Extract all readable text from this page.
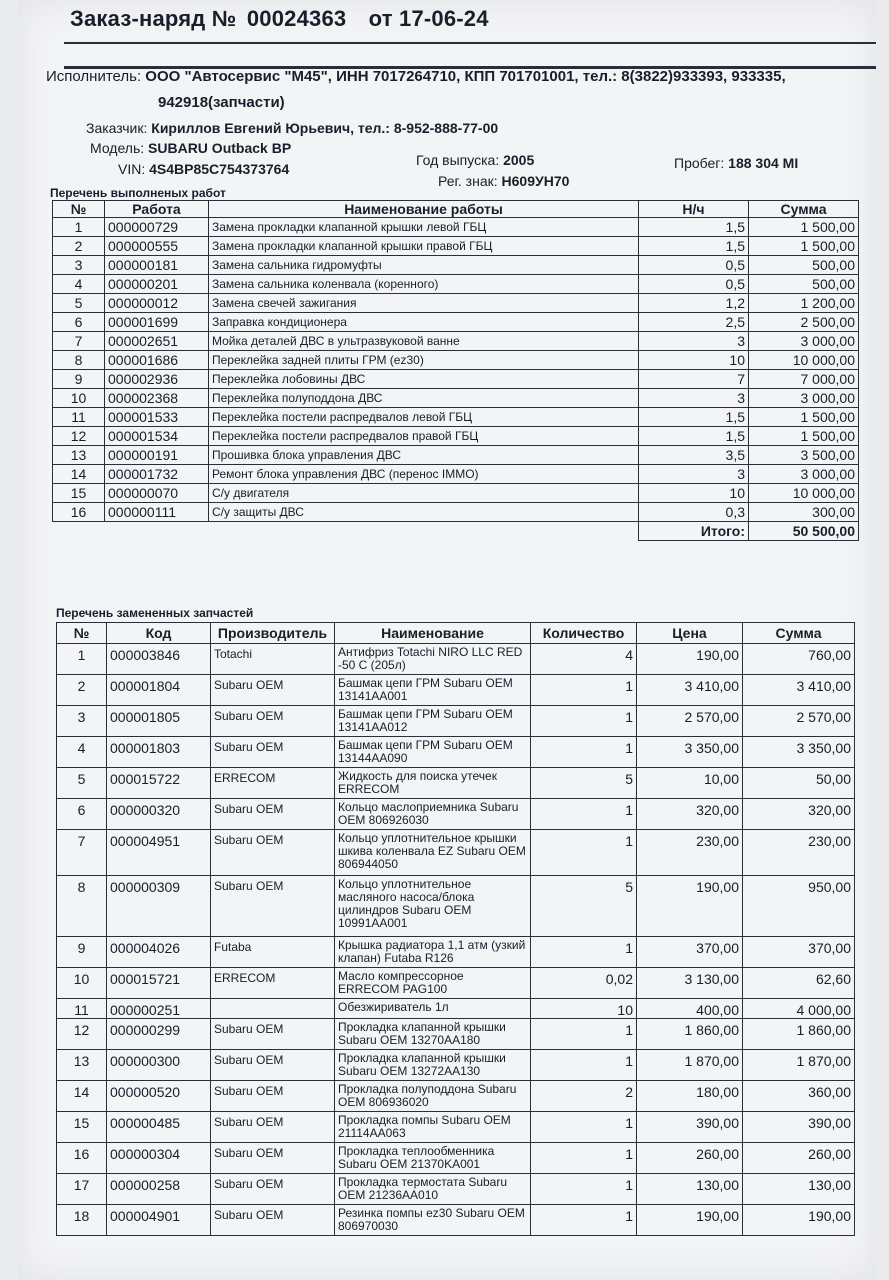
Заказ-наряд № 00024363 от 17-06-24
Исполнитель: ООО "Автосервис "М45", ИНН 7017264710, КПП 701701001, тел.: 8(3822)933393, 933335,
942918(запчасти)
Заказчик: Кириллов Евгений Юрьевич, тел.: 8-952-888-77-00
Модель: SUBARU Outback BP
VIN: 4S4BP85C754373764
Год выпуска: 2005
Рег. знак: Н609УН70
Пробег: 188 304 MI
Перечень выполненых работ
№	Работа	Наименование работы	Н/ч	Сумма
1	000000729	Замена прокладки клапанной крышки левой ГБЦ	1,5	1 500,00
2	000000555	Замена прокладки клапанной крышки правой ГБЦ	1,5	1 500,00
3	000000181	Замена сальника гидромуфты	0,5	500,00
4	000000201	Замена сальника коленвала (коренного)	0,5	500,00
5	000000012	Замена свечей зажигания	1,2	1 200,00
6	000001699	Заправка кондиционера	2,5	2 500,00
7	000002651	Мойка деталей ДВС в ультразвуковой ванне	3	3 000,00
8	000001686	Переклейка задней плиты ГРМ (ez30)	10	10 000,00
9	000002936	Переклейка лобовины ДВС	7	7 000,00
10	000002368	Переклейка полуподдона ДВС	3	3 000,00
11	000001533	Переклейка постели распредвалов левой ГБЦ	1,5	1 500,00
12	000001534	Переклейка постели распредвалов правой ГБЦ	1,5	1 500,00
13	000000191	Прошивка блока управления ДВС	3,5	3 500,00
14	000001732	Ремонт блока управления ДВС (перенос IMMO)	3	3 000,00
15	000000070	С/у двигателя	10	10 000,00
16	000000111	С/у защиты ДВС	0,3	300,00
			Итого:	50 500,00
Перечень замененных запчастей
№	Код	Производитель	Наименование	Количество	Цена	Сумма
1	000003846	Totachi	Антифриз Totachi NIRO LLC RED -50 C (205л)	4	190,00	760,00
2	000001804	Subaru OEM	Башмак цепи ГРМ Subaru OEM 13141AA001	1	3 410,00	3 410,00
3	000001805	Subaru OEM	Башмак цепи ГРМ Subaru OEM 13141AA012	1	2 570,00	2 570,00
4	000001803	Subaru OEM	Башмак цепи ГРМ Subaru OEM 13144AA090	1	3 350,00	3 350,00
5	000015722	ERRECOM	Жидкость для поиска утечек ERRECOM	5	10,00	50,00
6	000000320	Subaru OEM	Кольцо маслоприемника Subaru OEM 806926030	1	320,00	320,00
7	000004951	Subaru OEM	Кольцо уплотнительное крышки шкива коленвала EZ Subaru OEM 806944050	1	230,00	230,00
8	000000309	Subaru OEM	Кольцо уплотнительное масляного насоса/блока цилиндров Subaru OEM 10991AA001	5	190,00	950,00
9	000004026	Futaba	Крышка радиатора 1,1 атм (узкий клапан) Futaba R126	1	370,00	370,00
10	000015721	ERRECOM	Масло компрессорное ERRECOM PAG100	0,02	3 130,00	62,60
11	000000251		Обезжириватель 1л	10	400,00	4 000,00
12	000000299	Subaru OEM	Прокладка клапанной крышки Subaru OEM 13270AA180	1	1 860,00	1 860,00
13	000000300	Subaru OEM	Прокладка клапанной крышки Subaru OEM 13272AA130	1	1 870,00	1 870,00
14	000000520	Subaru OEM	Прокладка полуподдона Subaru OEM 806936020	2	180,00	360,00
15	000000485	Subaru OEM	Прокладка помпы Subaru OEM 21114AA063	1	390,00	390,00
16	000000304	Subaru OEM	Прокладка теплообменника Subaru OEM 21370KA001	1	260,00	260,00
17	000000258	Subaru OEM	Прокладка термостата Subaru OEM 21236AA010	1	130,00	130,00
18	000004901	Subaru OEM	Резинка помпы ez30 Subaru OEM 806970030	1	190,00	190,00
